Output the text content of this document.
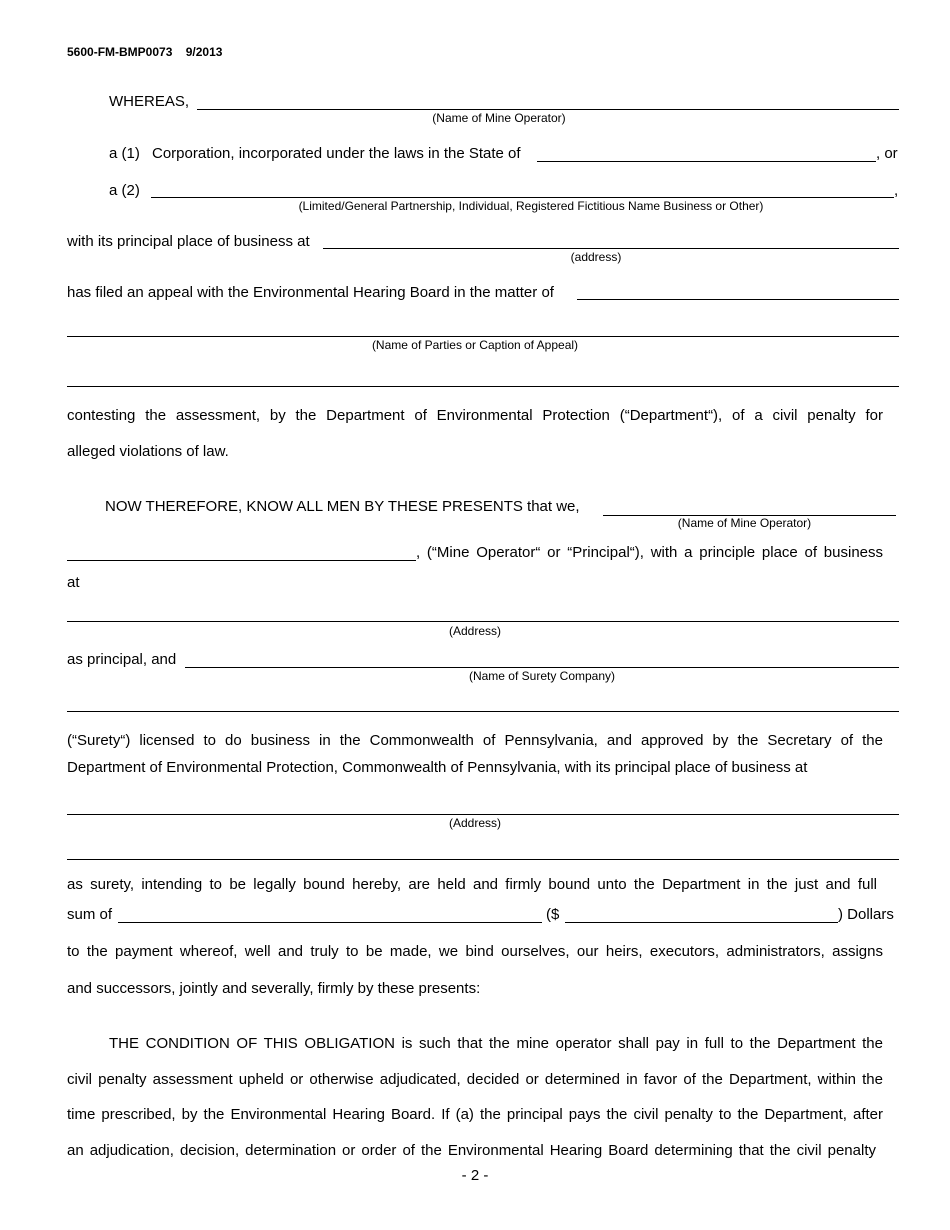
5600-FM-BMP0073 9/2013
WHEREAS,
(Name of Mine Operator)
a (1) Corporation, incorporated under the laws in the State of	, or
a (2)	,
(Limited/General Partnership, Individual, Registered Fictitious Name Business or Other)
with its principal place of business at
(address)
has filed an appeal with the Environmental Hearing Board in the matter of
(Name of Parties or Caption of Appeal)
contesting the assessment, by the Department of Environmental Protection (“Department“), of a civil penalty for
alleged violations of law.
NOW THEREFORE, KNOW ALL MEN BY THESE PRESENTS that we,
(Name of Mine Operator)
, (“Mine Operator“ or “Principal“), with a principle place of business
at
(Address)
as principal, and
(Name of Surety Company)
(“Surety“) licensed to do business in the Commonwealth of Pennsylvania, and approved by the Secretary of the
Department of Environmental Protection, Commonwealth of Pennsylvania, with its principal place of business at
(Address)
as surety, intending to be legally bound hereby, are held and firmly bound unto the Department in the just and full
sum of	($	) Dollars
to the payment whereof, well and truly to be made, we bind ourselves, our heirs, executors, administrators, assigns
and successors, jointly and severally, firmly by these presents:
THE CONDITION OF THIS OBLIGATION is such that the mine operator shall pay in full to the Department the
civil penalty assessment upheld or otherwise adjudicated, decided or determined in favor of the Department, within the
time prescribed, by the Environmental Hearing Board. If (a) the principal pays the civil penalty to the Department, after
an adjudication, decision, determination or order of the Environmental Hearing Board determining that the civil penalty
- 2 -
